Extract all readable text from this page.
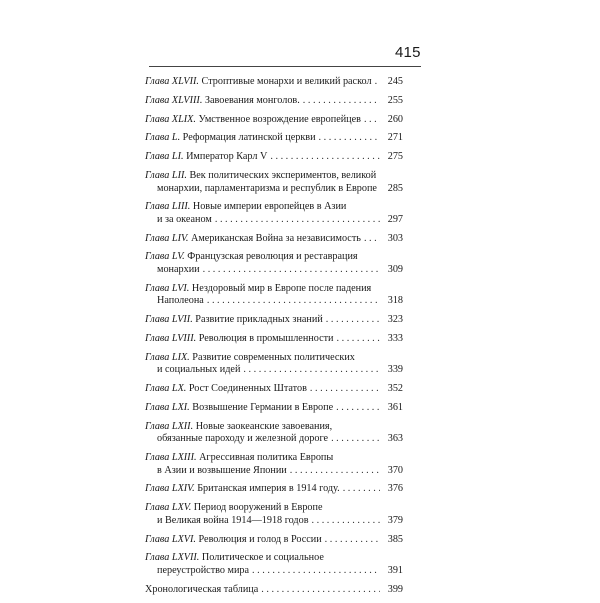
415
Глава XLVII. Строптивые монархи и великий раскол . . .	245
Глава XLVIII. Завоевания монголов. . . .	255
Глава XLIX. Умственное возрождение европейцев . . .	260
Глава L. Реформация латинской церкви . . .	271
Глава LI. Император Карл V . . .	275
Глава LII. Век политических экспериментов, великой
монархии, парламентаризма и республик в Европе . . .	285
Глава LIII. Новые империи европейцев в Азии
и за океаном . . .	297
Глава LIV. Американская Война за независимость . . .	303
Глава LV. Французская революция и реставрация
монархии . . .	309
Глава LVI. Нездоровый мир в Европе после падения
Наполеона . . .	318
Глава LVII. Развитие прикладных знаний . . .	323
Глава LVIII. Революция в промышленности . . .	333
Глава LIX. Развитие современных политических
и социальных идей . . .	339
Глава LX. Рост Соединенных Штатов . . .	352
Глава LXI. Возвышение Германии в Европе . . .	361
Глава LXII. Новые заокеанские завоевания,
обязанные пароходу и железной дороге . . .	363
Глава LXIII. Агрессивная политика Европы
в Азии и возвышение Японии . . .	370
Глава LXIV. Британская империя в 1914 году. . . .	376
Глава LXV. Период вооружений в Европе
и Великая война 1914—1918 годов . . .	379
Глава LXVI. Революция и голод в России . . .	385
Глава LXVII. Политическое и социальное
переустройство мира . . .	391
Хронологическая таблица . . .	399
